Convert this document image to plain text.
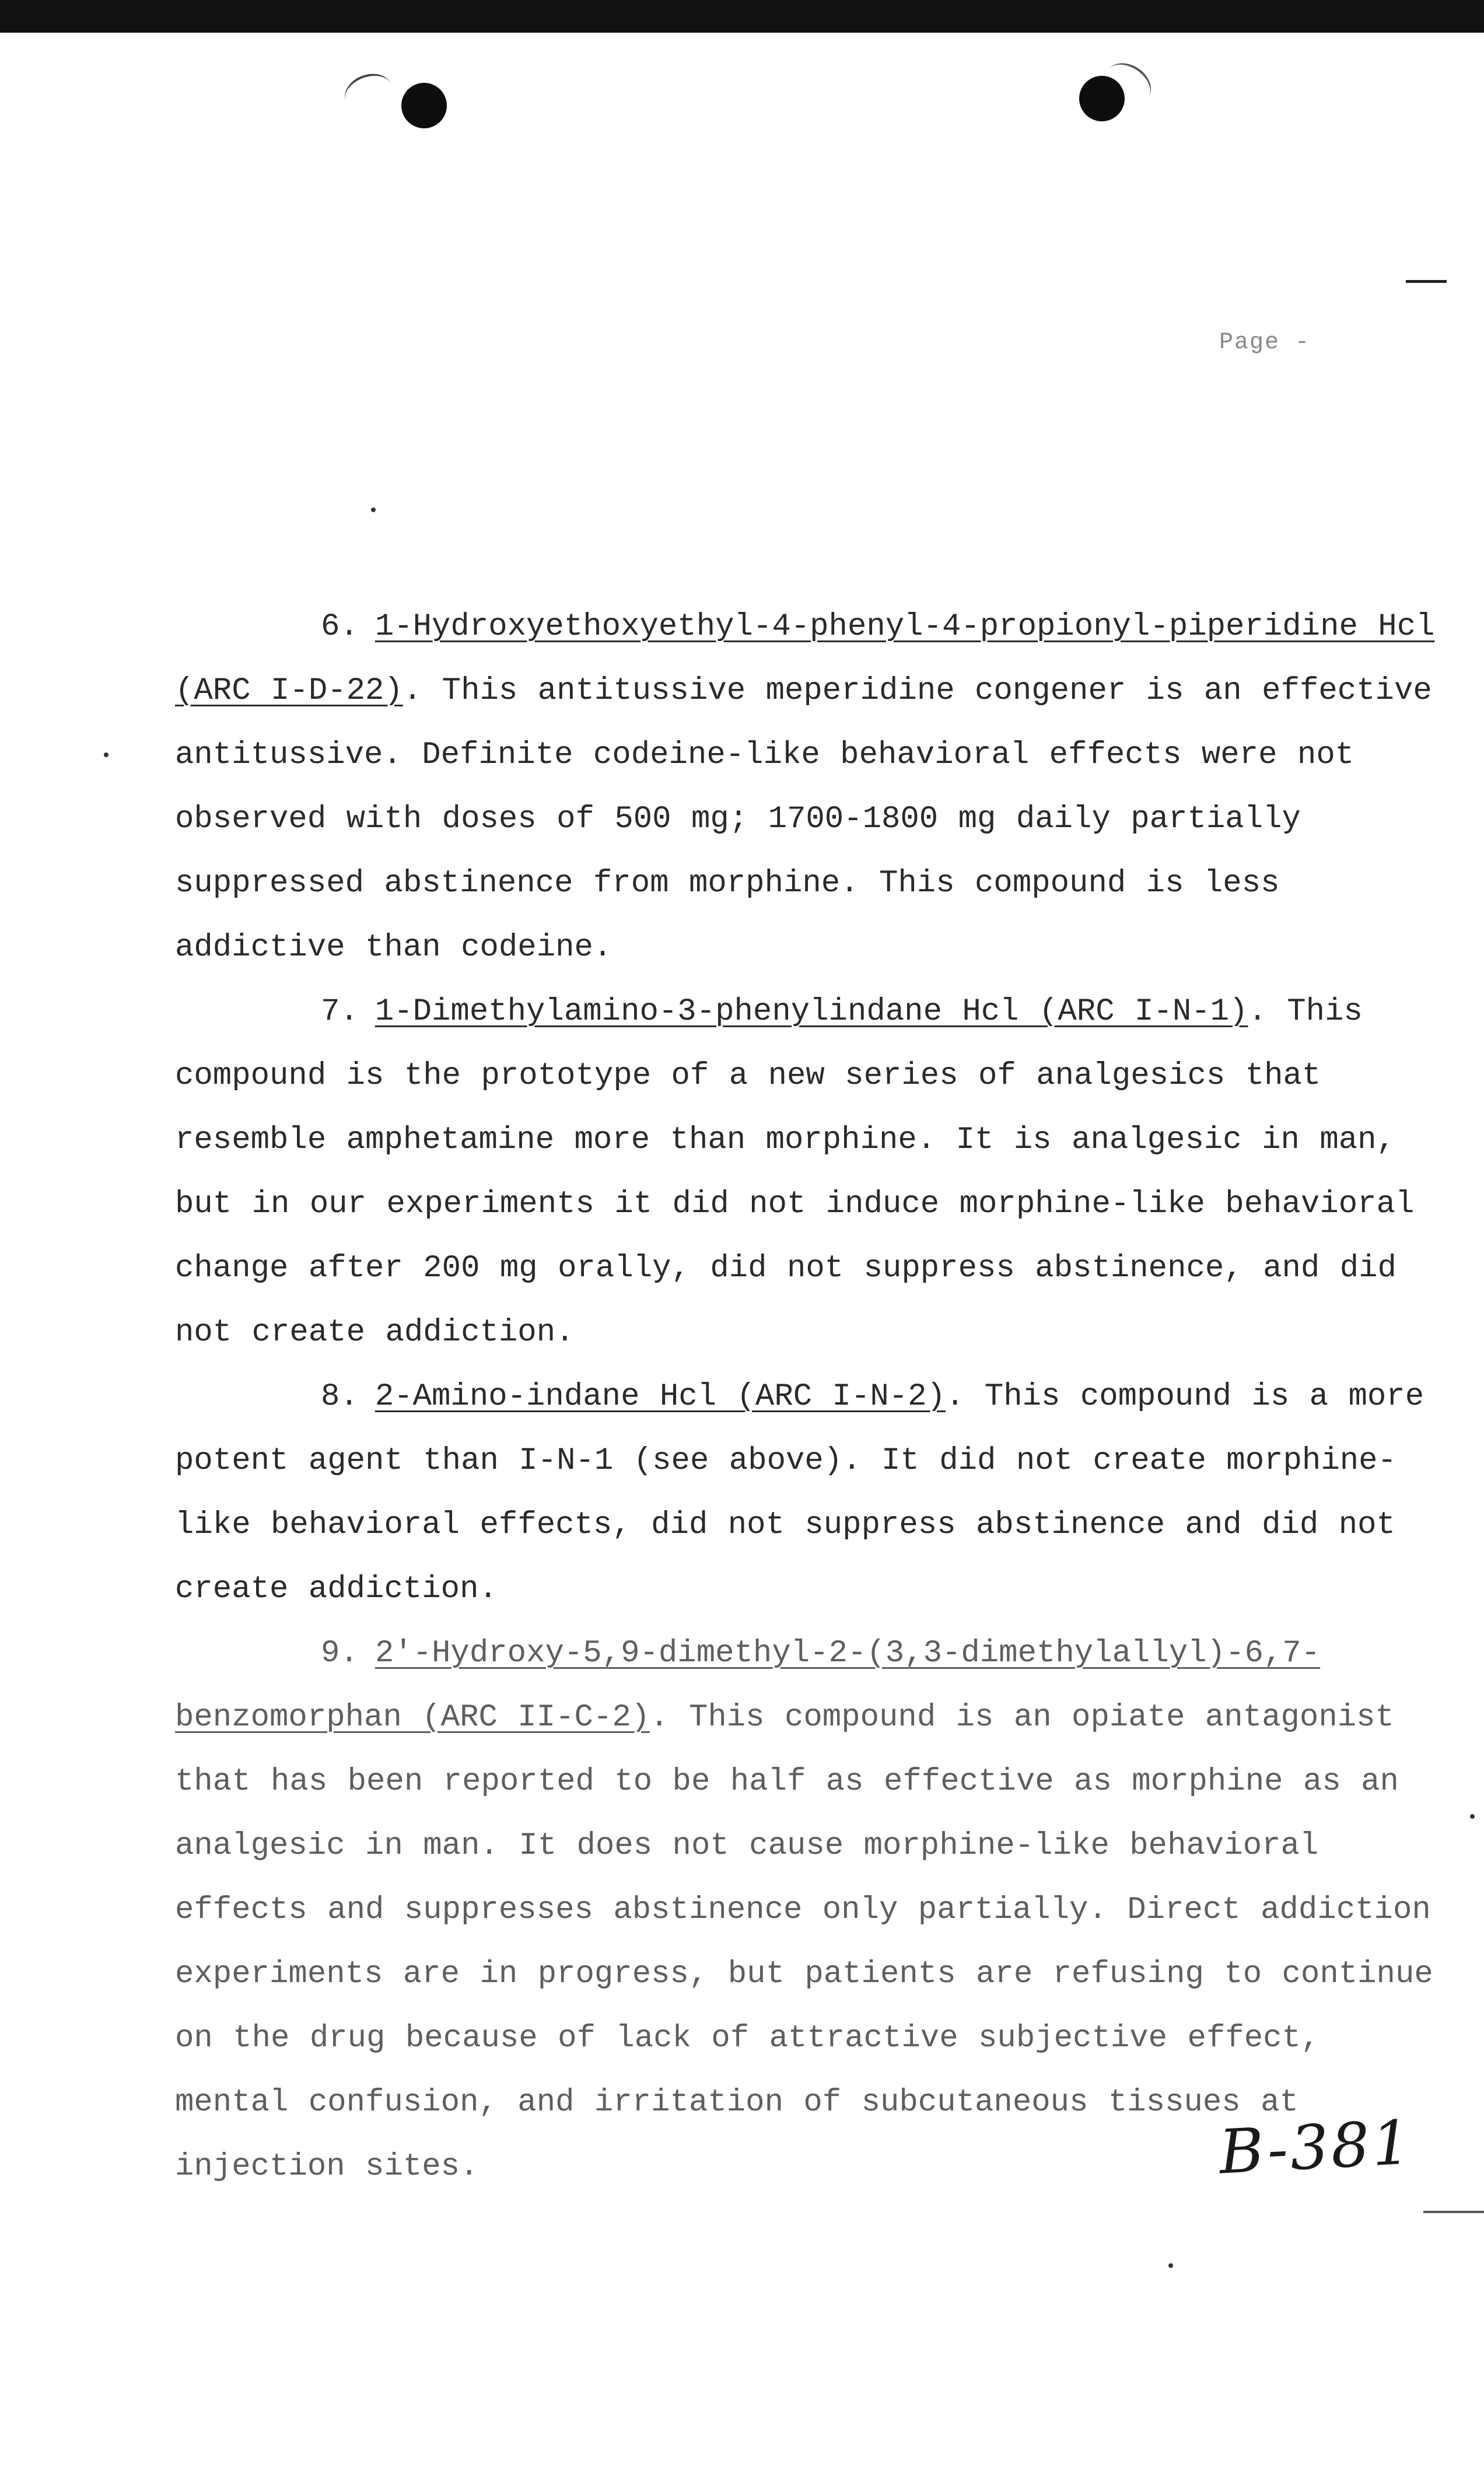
Page -

6. 1-Hydroxyethoxyethyl-4-phenyl-4-propionyl-piperidine Hcl (ARC I-D-22). This antitussive meperidine congener is an effective antitussive. Definite codeine-like behavioral effects were not observed with doses of 500 mg; 1700-1800 mg daily partially suppressed abstinence from morphine. This compound is less addictive than codeine.

7. 1-Dimethylamino-3-phenylindane Hcl (ARC I-N-1). This compound is the prototype of a new series of analgesics that resemble amphetamine more than morphine. It is analgesic in man, but in our experiments it did not induce morphine-like behavioral change after 200 mg orally, did not suppress abstinence, and did not create addiction.

8. 2-Amino-indane Hcl (ARC I-N-2). This compound is a more potent agent than I-N-1 (see above). It did not create morphine-like behavioral effects, did not suppress abstinence and did not create addiction.

9. 2'-Hydroxy-5,9-dimethyl-2-(3,3-dimethylallyl)-6,7-benzomorphan (ARC II-C-2). This compound is an opiate antagonist that has been reported to be half as effective as morphine as an analgesic in man. It does not cause morphine-like behavioral effects and suppresses abstinence only partially. Direct addiction experiments are in progress, but patients are refusing to continue on the drug because of lack of attractive subjective effect, mental confusion, and irritation of subcutaneous tissues at injection sites.	B-381
